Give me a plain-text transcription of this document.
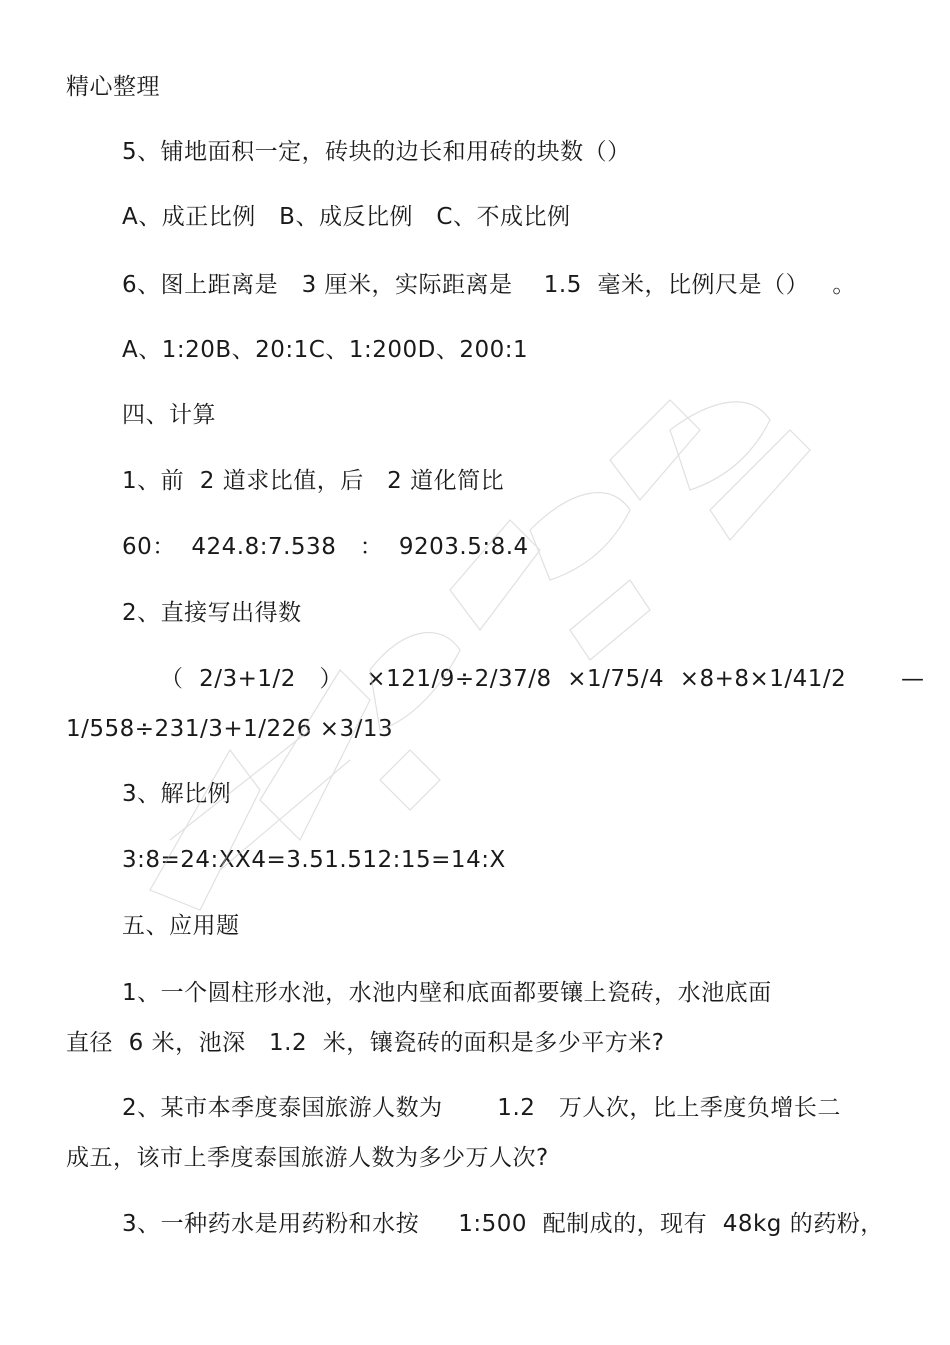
精心整理
5、铺地面积一定，砖块的边长和用砖的块数（）
A、成正比例   B、成反比例   C、不成比例
6、图上距离是   3 厘米，实际距离是    1.5  毫米，比例尺是（）   。
A、1:20B、20:1C、1:200D、200:1
四、计算
1、前  2 道求比值，后   2 道化简比
60：  424.8:7.538   ：  9203.5:8.4
2、直接写出得数
（  2/3+1/2   ）   ×121/9÷2/37/8  ×1/75/4  ×8+8×1/41/2       —
1/558÷231/3+1/226 ×3/13
3、解比例
3:8=24:XX4=3.51.512:15=14:X
五、应用题
1、一个圆柱形水池，水池内壁和底面都要镶上瓷砖，水池底面
直径  6 米，池深   1.2  米，镶瓷砖的面积是多少平方米?
2、某市本季度泰国旅游人数为       1.2   万人次，比上季度负增长二
成五，该市上季度泰国旅游人数为多少万人次?
3、一种药水是用药粉和水按     1:500  配制成的，现有  48kg 的药粉，
